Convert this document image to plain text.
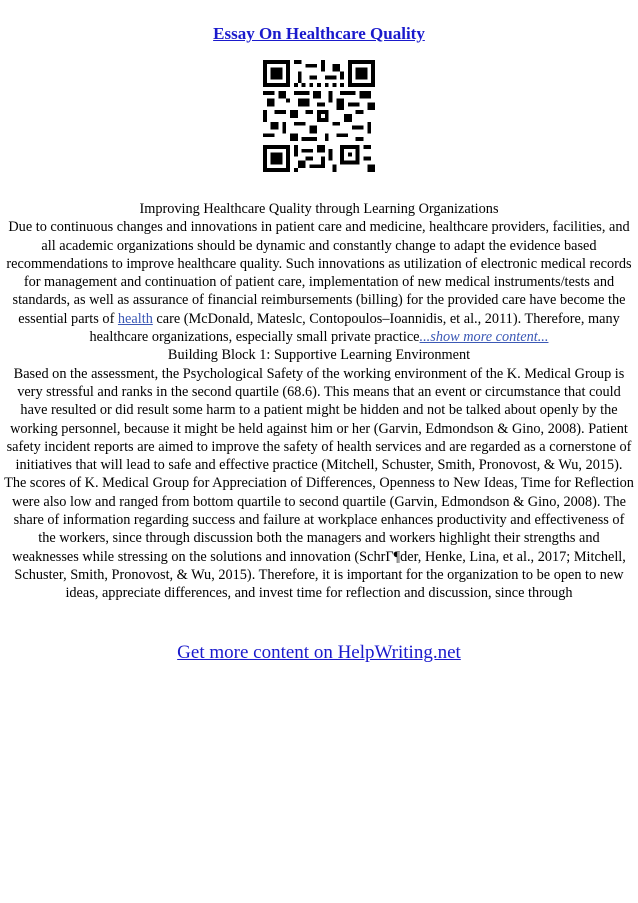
Essay On Healthcare Quality

Improving Healthcare Quality through Learning Organizations

Due to continuous changes and innovations in patient care and medicine, healthcare providers, facilities, and all academic organizations should be dynamic and constantly change to adapt the evidence based recommendations to improve healthcare quality. Such innovations as utilization of electronic medical records for management and continuation of patient care, implementation of new medical instruments/tests and standards, as well as assurance of financial reimbursements (billing) for the provided care have become the essential parts of health care (McDonald, Mateslc, Contopoulos–Ioannidis, et al., 2011). Therefore, many healthcare organizations, especially small private practice...show more content...

Building Block 1: Supportive Learning Environment

Based on the assessment, the Psychological Safety of the working environment of the K. Medical Group is very stressful and ranks in the second quartile (68.6). This means that an event or circumstance that could have resulted or did result some harm to a patient might be hidden and not be talked about openly by the working personnel, because it might be held against him or her (Garvin, Edmondson & Gino, 2008). Patient safety incident reports are aimed to improve the safety of health services and are regarded as a cornerstone of initiatives that will lead to safe and effective practice (Mitchell, Schuster, Smith, Pronovost, & Wu, 2015).

The scores of K. Medical Group for Appreciation of Differences, Openness to New Ideas, Time for Reflection were also low and ranged from bottom quartile to second quartile (Garvin, Edmondson & Gino, 2008). The share of information regarding success and failure at workplace enhances productivity and effectiveness of the workers, since through discussion both the managers and workers highlight their strengths and weaknesses while stressing on the solutions and innovation (SchrГ¶der, Henke, Lina, et al., 2017; Mitchell, Schuster, Smith, Pronovost, & Wu, 2015). Therefore, it is important for the organization to be open to new ideas, appreciate differences, and invest time for reflection and discussion, since through

Get more content on HelpWriting.net
